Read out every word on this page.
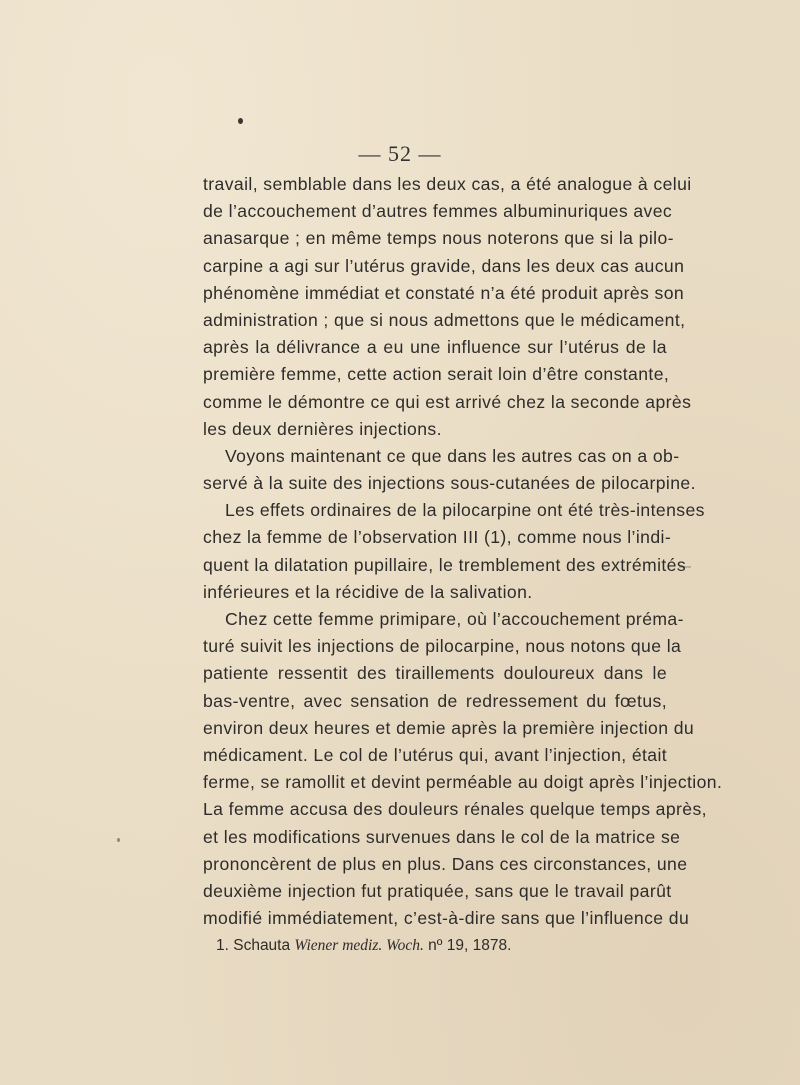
— 52 —
travail, semblable dans les deux cas, a été analogue à celui
de l’accouchement d’autres femmes albuminuriques avec
anasarque ; en même temps nous noterons que si la pilo-
carpine a agi sur l’utérus gravide, dans les deux cas aucun
phénomène immédiat et constaté n’a été produit après son
administration ; que si nous admettons que le médicament,
après la délivrance a eu une influence sur l’utérus de la
première femme, cette action serait loin d’être constante,
comme le démontre ce qui est arrivé chez la seconde après
les deux dernières injections.
Voyons maintenant ce que dans les autres cas on a ob-
servé à la suite des injections sous-cutanées de pilocarpine.
Les effets ordinaires de la pilocarpine ont été très-intenses
chez la femme de l’observation III (1), comme nous l’indi-
quent la dilatation pupillaire, le tremblement des extrémités
inférieures et la récidive de la salivation.
Chez cette femme primipare, où l’accouchement préma-
turé suivit les injections de pilocarpine, nous notons que la
patiente ressentit des tiraillements douloureux dans le
bas-ventre, avec sensation de redressement du fœtus,
environ deux heures et demie après la première injection du
médicament. Le col de l’utérus qui, avant l’injection, était
ferme, se ramollit et devint perméable au doigt après l’injection.
La femme accusa des douleurs rénales quelque temps après,
et les modifications survenues dans le col de la matrice se
prononcèrent de plus en plus. Dans ces circonstances, une
deuxième injection fut pratiquée, sans que le travail parût
modifié immédiatement, c’est-à-dire sans que l’influence du
1. Schauta Wiener mediz. Woch. nº 19, 1878.
